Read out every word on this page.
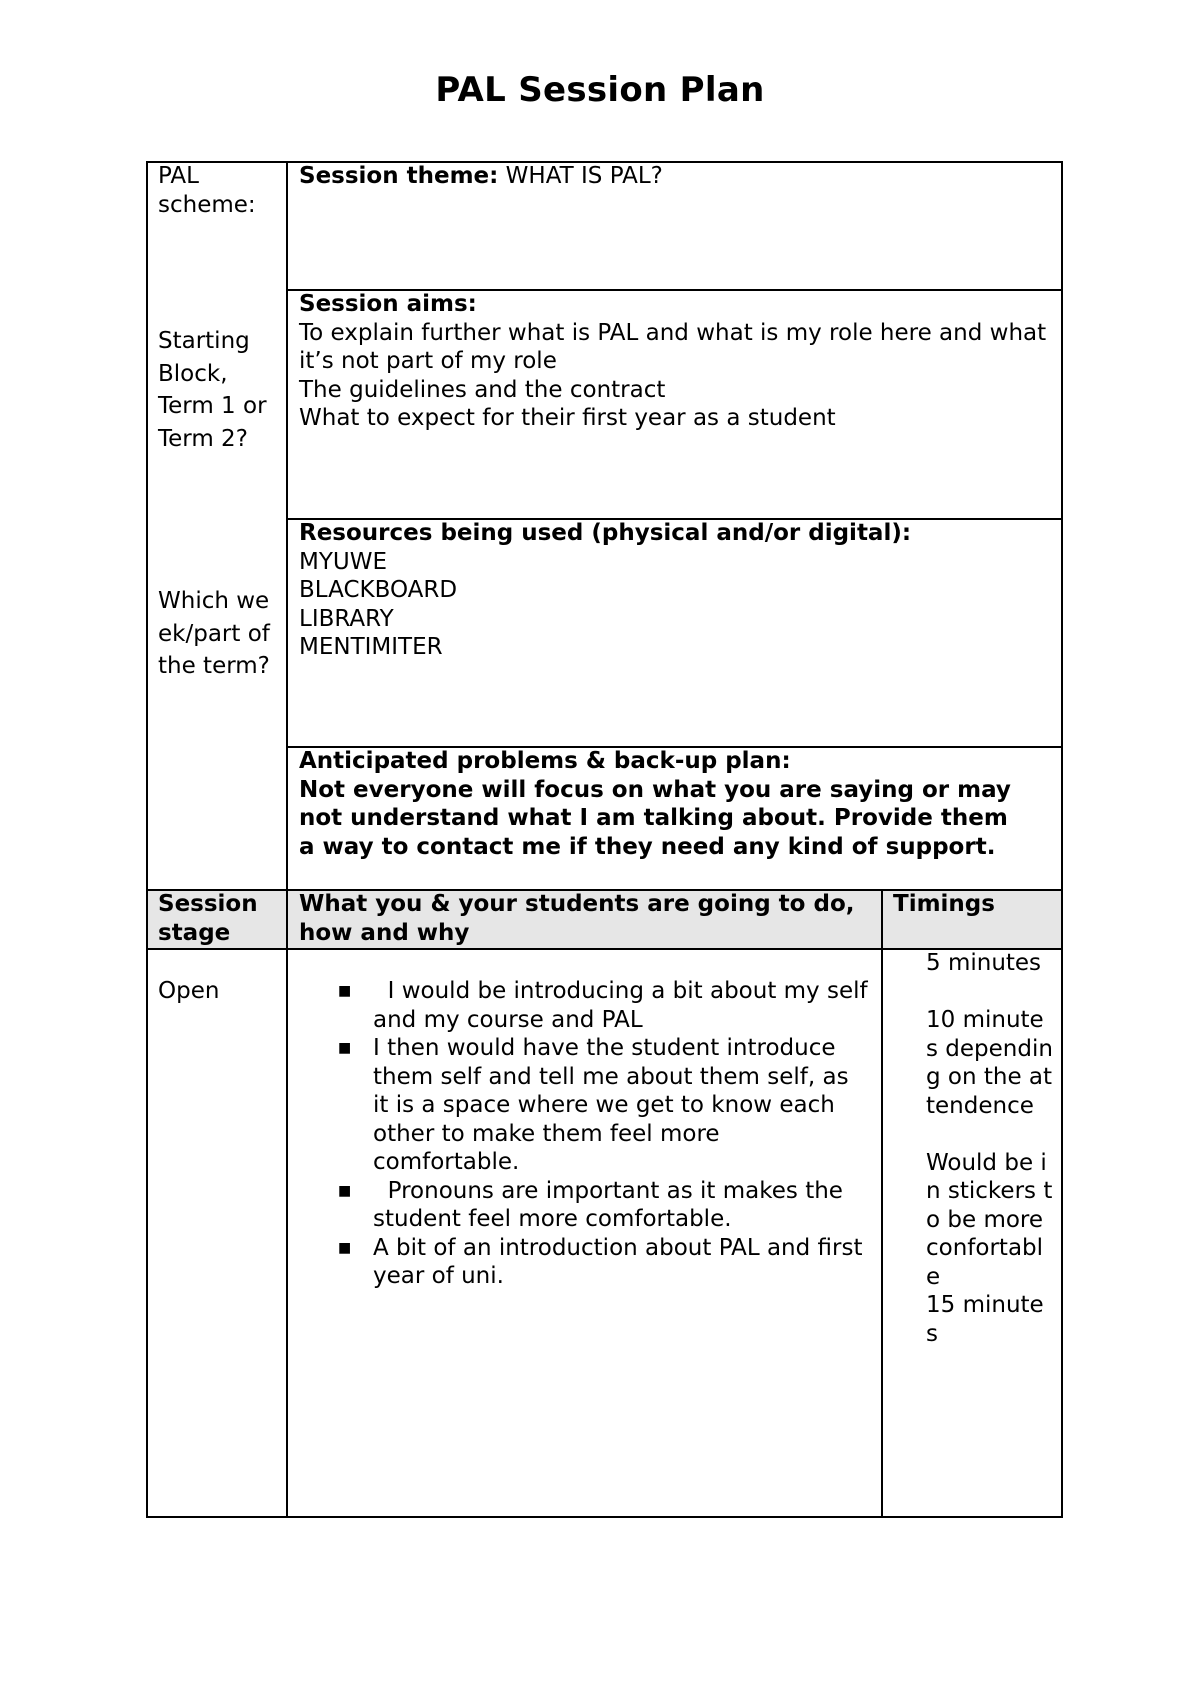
PAL Session Plan
PAL scheme:
Starting Block, Term 1 or Term 2?
Which week/part of the term?
Session theme: WHAT IS PAL?
Session aims:
To explain further what is PAL and what is my role here and what it’s not part of my role
The guidelines and the contract
What to expect for their first year as a student
Resources being used (physical and/or digital):
MYUWE
BLACKBOARD
LIBRARY
MENTIMITER
Anticipated problems & back-up plan:
Not everyone will focus on what you are saying or may not understand what I am talking about. Provide them a way to contact me if they need any kind of support.
Session stage
What you & your students are going to do, how and why
Timings
Open	■ I would be introducing a bit about my self and my course and PAL
■ I then would have the student introduce them self and tell me about them self, as it is a space where we get to know each other to make them feel more comfortable.
■ Pronouns are important as it makes the student feel more comfortable.
■ A bit of an introduction about PAL and first year of uni.
5 minutes
10 minutes depending on the attendence
Would be in stickers to be more confortable
15 minutes
